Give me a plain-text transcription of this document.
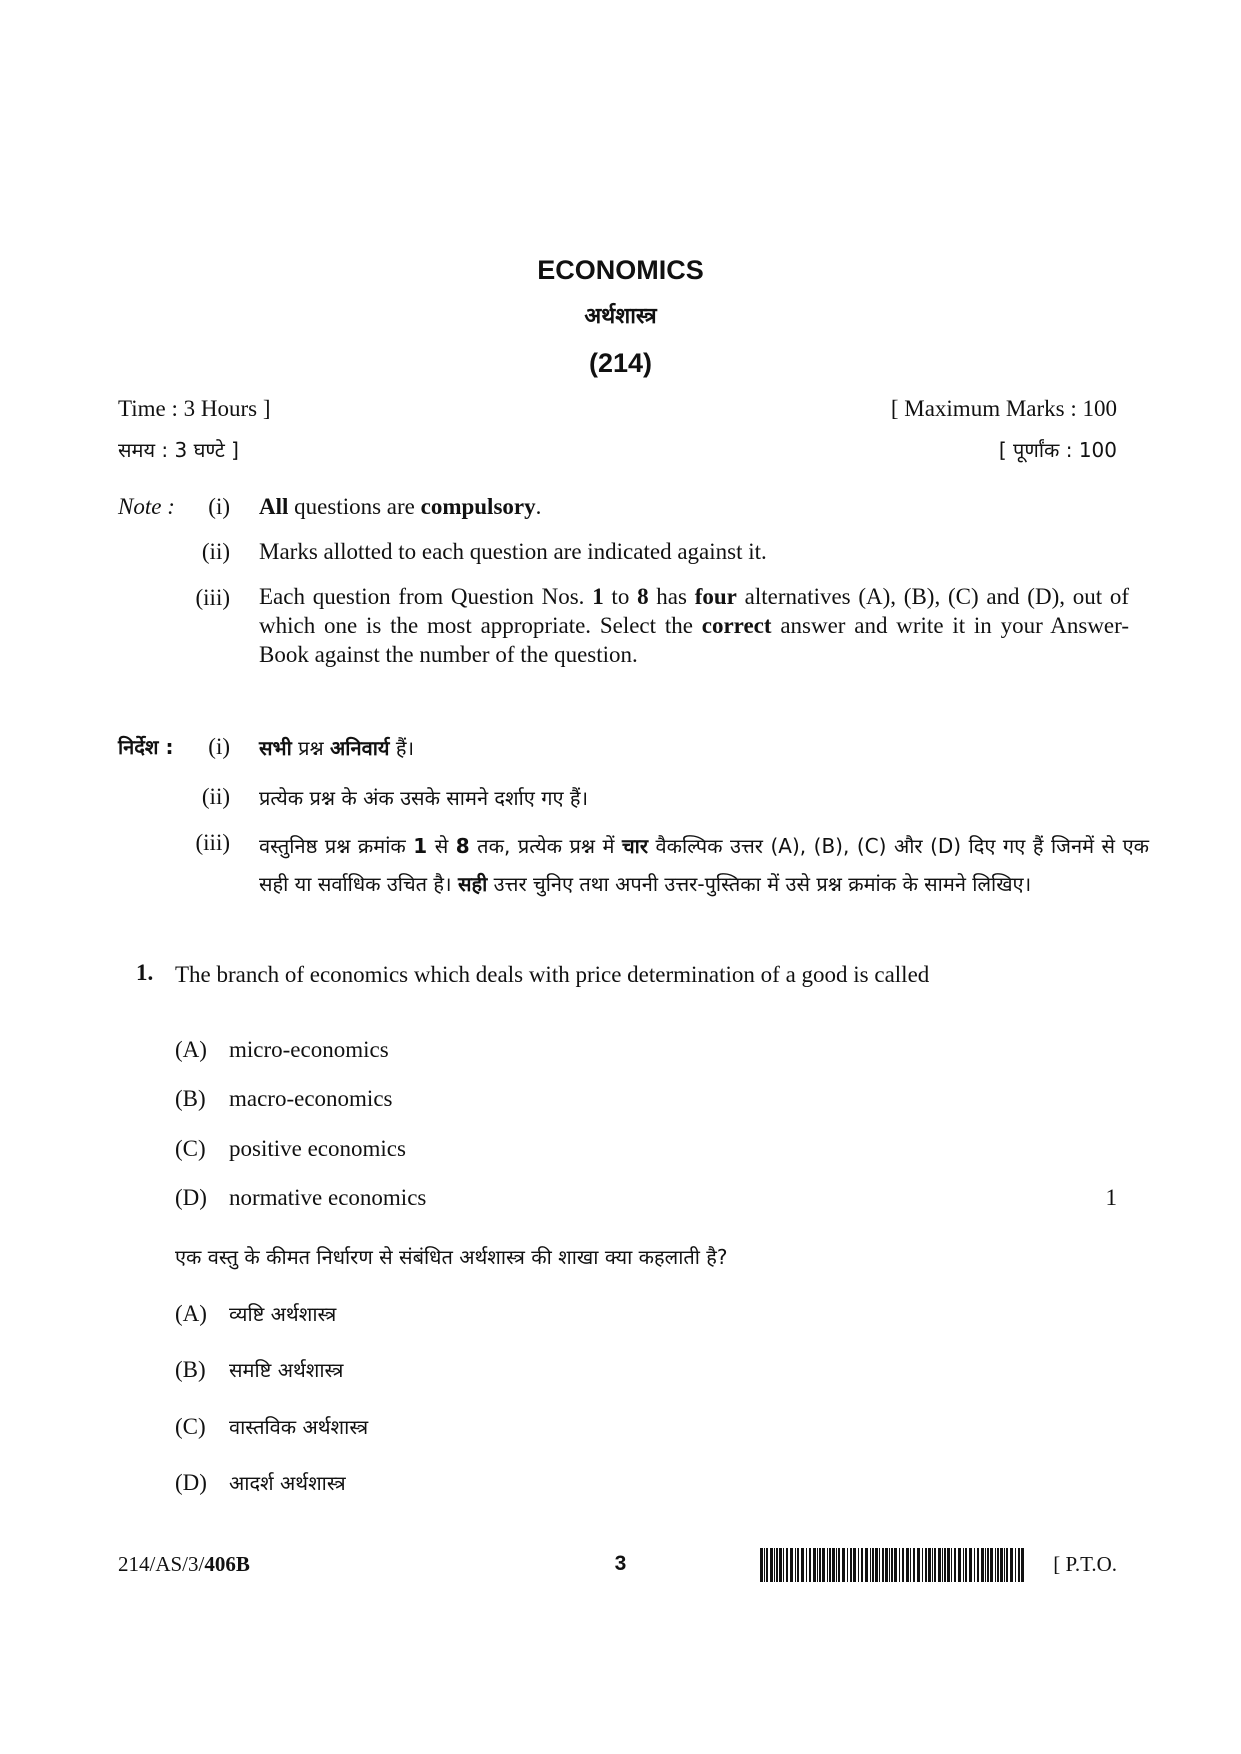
ECONOMICS
अर्थशास्त्र
(214)
Time : 3 Hours ]
समय : 3 घण्टे ]
[ Maximum Marks : 100
[ पूर्णांक : 100
Note :	(i) All questions are compulsory.
(ii) Marks allotted to each question are indicated against it.
(iii) Each question from Question Nos. 1 to 8 has four alternatives (A), (B), (C) and (D), out of which one is the most appropriate. Select the correct answer and write it in your Answer-Book against the number of the question.
निर्देश :	(i) सभी प्रश्न अनिवार्य हैं।
(ii) प्रत्येक प्रश्न के अंक उसके सामने दर्शाए गए हैं।
(iii) वस्तुनिष्ठ प्रश्न क्रमांक 1 से 8 तक, प्रत्येक प्रश्न में चार वैकल्पिक उत्तर (A), (B), (C) और (D) दिए गए हैं जिनमें से एक सही या सर्वाधिक उचित है। सही उत्तर चुनिए तथा अपनी उत्तर-पुस्तिका में उसे प्रश्न क्रमांक के सामने लिखिए।
1. The branch of economics which deals with price determination of a good is called
(A) micro-economics
(B) macro-economics
(C) positive economics
(D) normative economics	1
एक वस्तु के कीमत निर्धारण से संबंधित अर्थशास्त्र की शाखा क्या कहलाती है?
(A) व्यष्टि अर्थशास्त्र
(B) समष्टि अर्थशास्त्र
(C) वास्तविक अर्थशास्त्र
(D) आदर्श अर्थशास्त्र
214/AS/3/406B	3	[ P.T.O.
